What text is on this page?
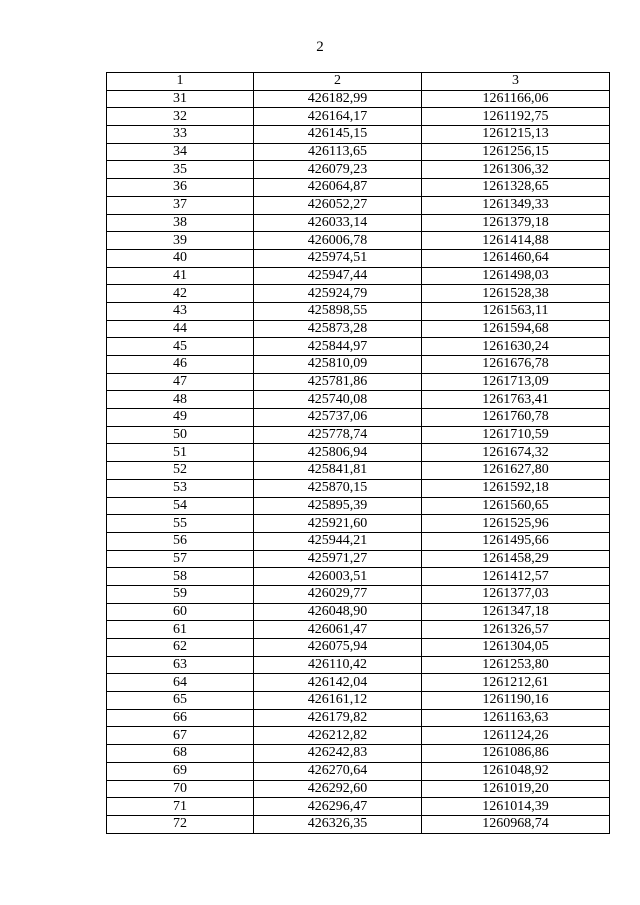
2
1	2	3
31	426182,99	1261166,06
32	426164,17	1261192,75
33	426145,15	1261215,13
34	426113,65	1261256,15
35	426079,23	1261306,32
36	426064,87	1261328,65
37	426052,27	1261349,33
38	426033,14	1261379,18
39	426006,78	1261414,88
40	425974,51	1261460,64
41	425947,44	1261498,03
42	425924,79	1261528,38
43	425898,55	1261563,11
44	425873,28	1261594,68
45	425844,97	1261630,24
46	425810,09	1261676,78
47	425781,86	1261713,09
48	425740,08	1261763,41
49	425737,06	1261760,78
50	425778,74	1261710,59
51	425806,94	1261674,32
52	425841,81	1261627,80
53	425870,15	1261592,18
54	425895,39	1261560,65
55	425921,60	1261525,96
56	425944,21	1261495,66
57	425971,27	1261458,29
58	426003,51	1261412,57
59	426029,77	1261377,03
60	426048,90	1261347,18
61	426061,47	1261326,57
62	426075,94	1261304,05
63	426110,42	1261253,80
64	426142,04	1261212,61
65	426161,12	1261190,16
66	426179,82	1261163,63
67	426212,82	1261124,26
68	426242,83	1261086,86
69	426270,64	1261048,92
70	426292,60	1261019,20
71	426296,47	1261014,39
72	426326,35	1260968,74
